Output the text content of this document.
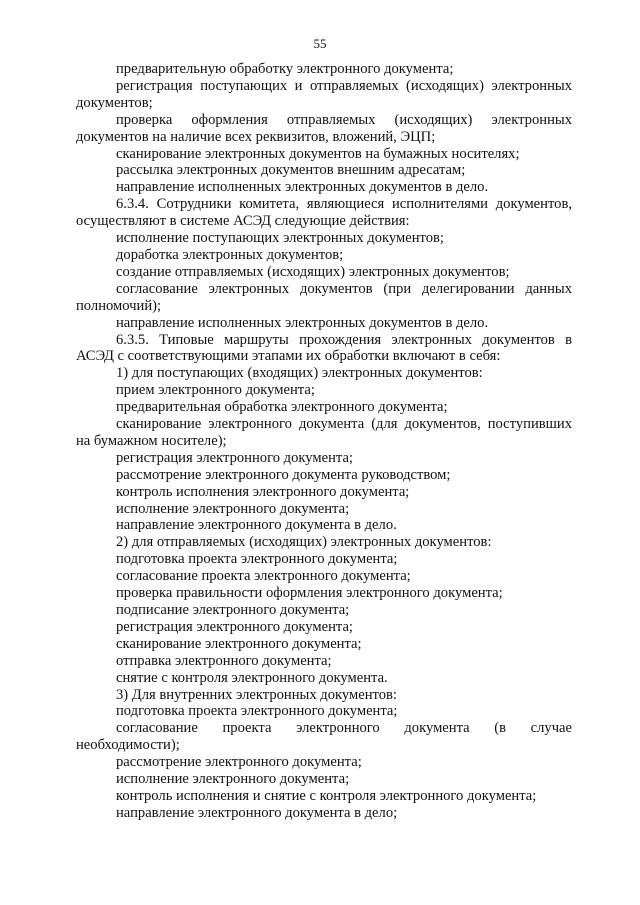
55

предварительную обработку электронного документа;

регистрация поступающих и отправляемых (исходящих) электронных документов;

проверка оформления отправляемых (исходящих) электронных документов на наличие всех реквизитов, вложений, ЭЦП;

сканирование электронных документов на бумажных носителях;

рассылка электронных документов внешним адресатам;

направление исполненных электронных документов в дело.

6.3.4. Сотрудники комитета, являющиеся исполнителями документов, осуществляют в системе АСЭД следующие действия:

исполнение поступающих электронных документов;

доработка электронных документов;

создание отправляемых (исходящих) электронных документов;

согласование электронных документов (при делегировании данных полномочий);

направление исполненных электронных документов в дело.

6.3.5. Типовые маршруты прохождения электронных документов в АСЭД с соответствующими этапами их обработки включают в себя:

1) для поступающих (входящих) электронных документов:

прием электронного документа;

предварительная обработка электронного документа;

сканирование электронного документа (для документов, поступивших на бумажном носителе);

регистрация электронного документа;

рассмотрение электронного документа руководством;

контроль исполнения электронного документа;

исполнение электронного документа;

направление электронного документа в дело.

2) для отправляемых (исходящих) электронных документов:

подготовка проекта электронного документа;

согласование проекта электронного документа;

проверка правильности оформления электронного документа;

подписание электронного документа;

регистрация электронного документа;

сканирование электронного документа;

отправка электронного документа;

снятие с контроля электронного документа.

3) Для внутренних электронных документов:

подготовка проекта электронного документа;

согласование проекта электронного документа (в случае необходимости);

рассмотрение электронного документа;

исполнение электронного документа;

контроль исполнения и снятие с контроля электронного документа;

направление электронного документа в дело;
